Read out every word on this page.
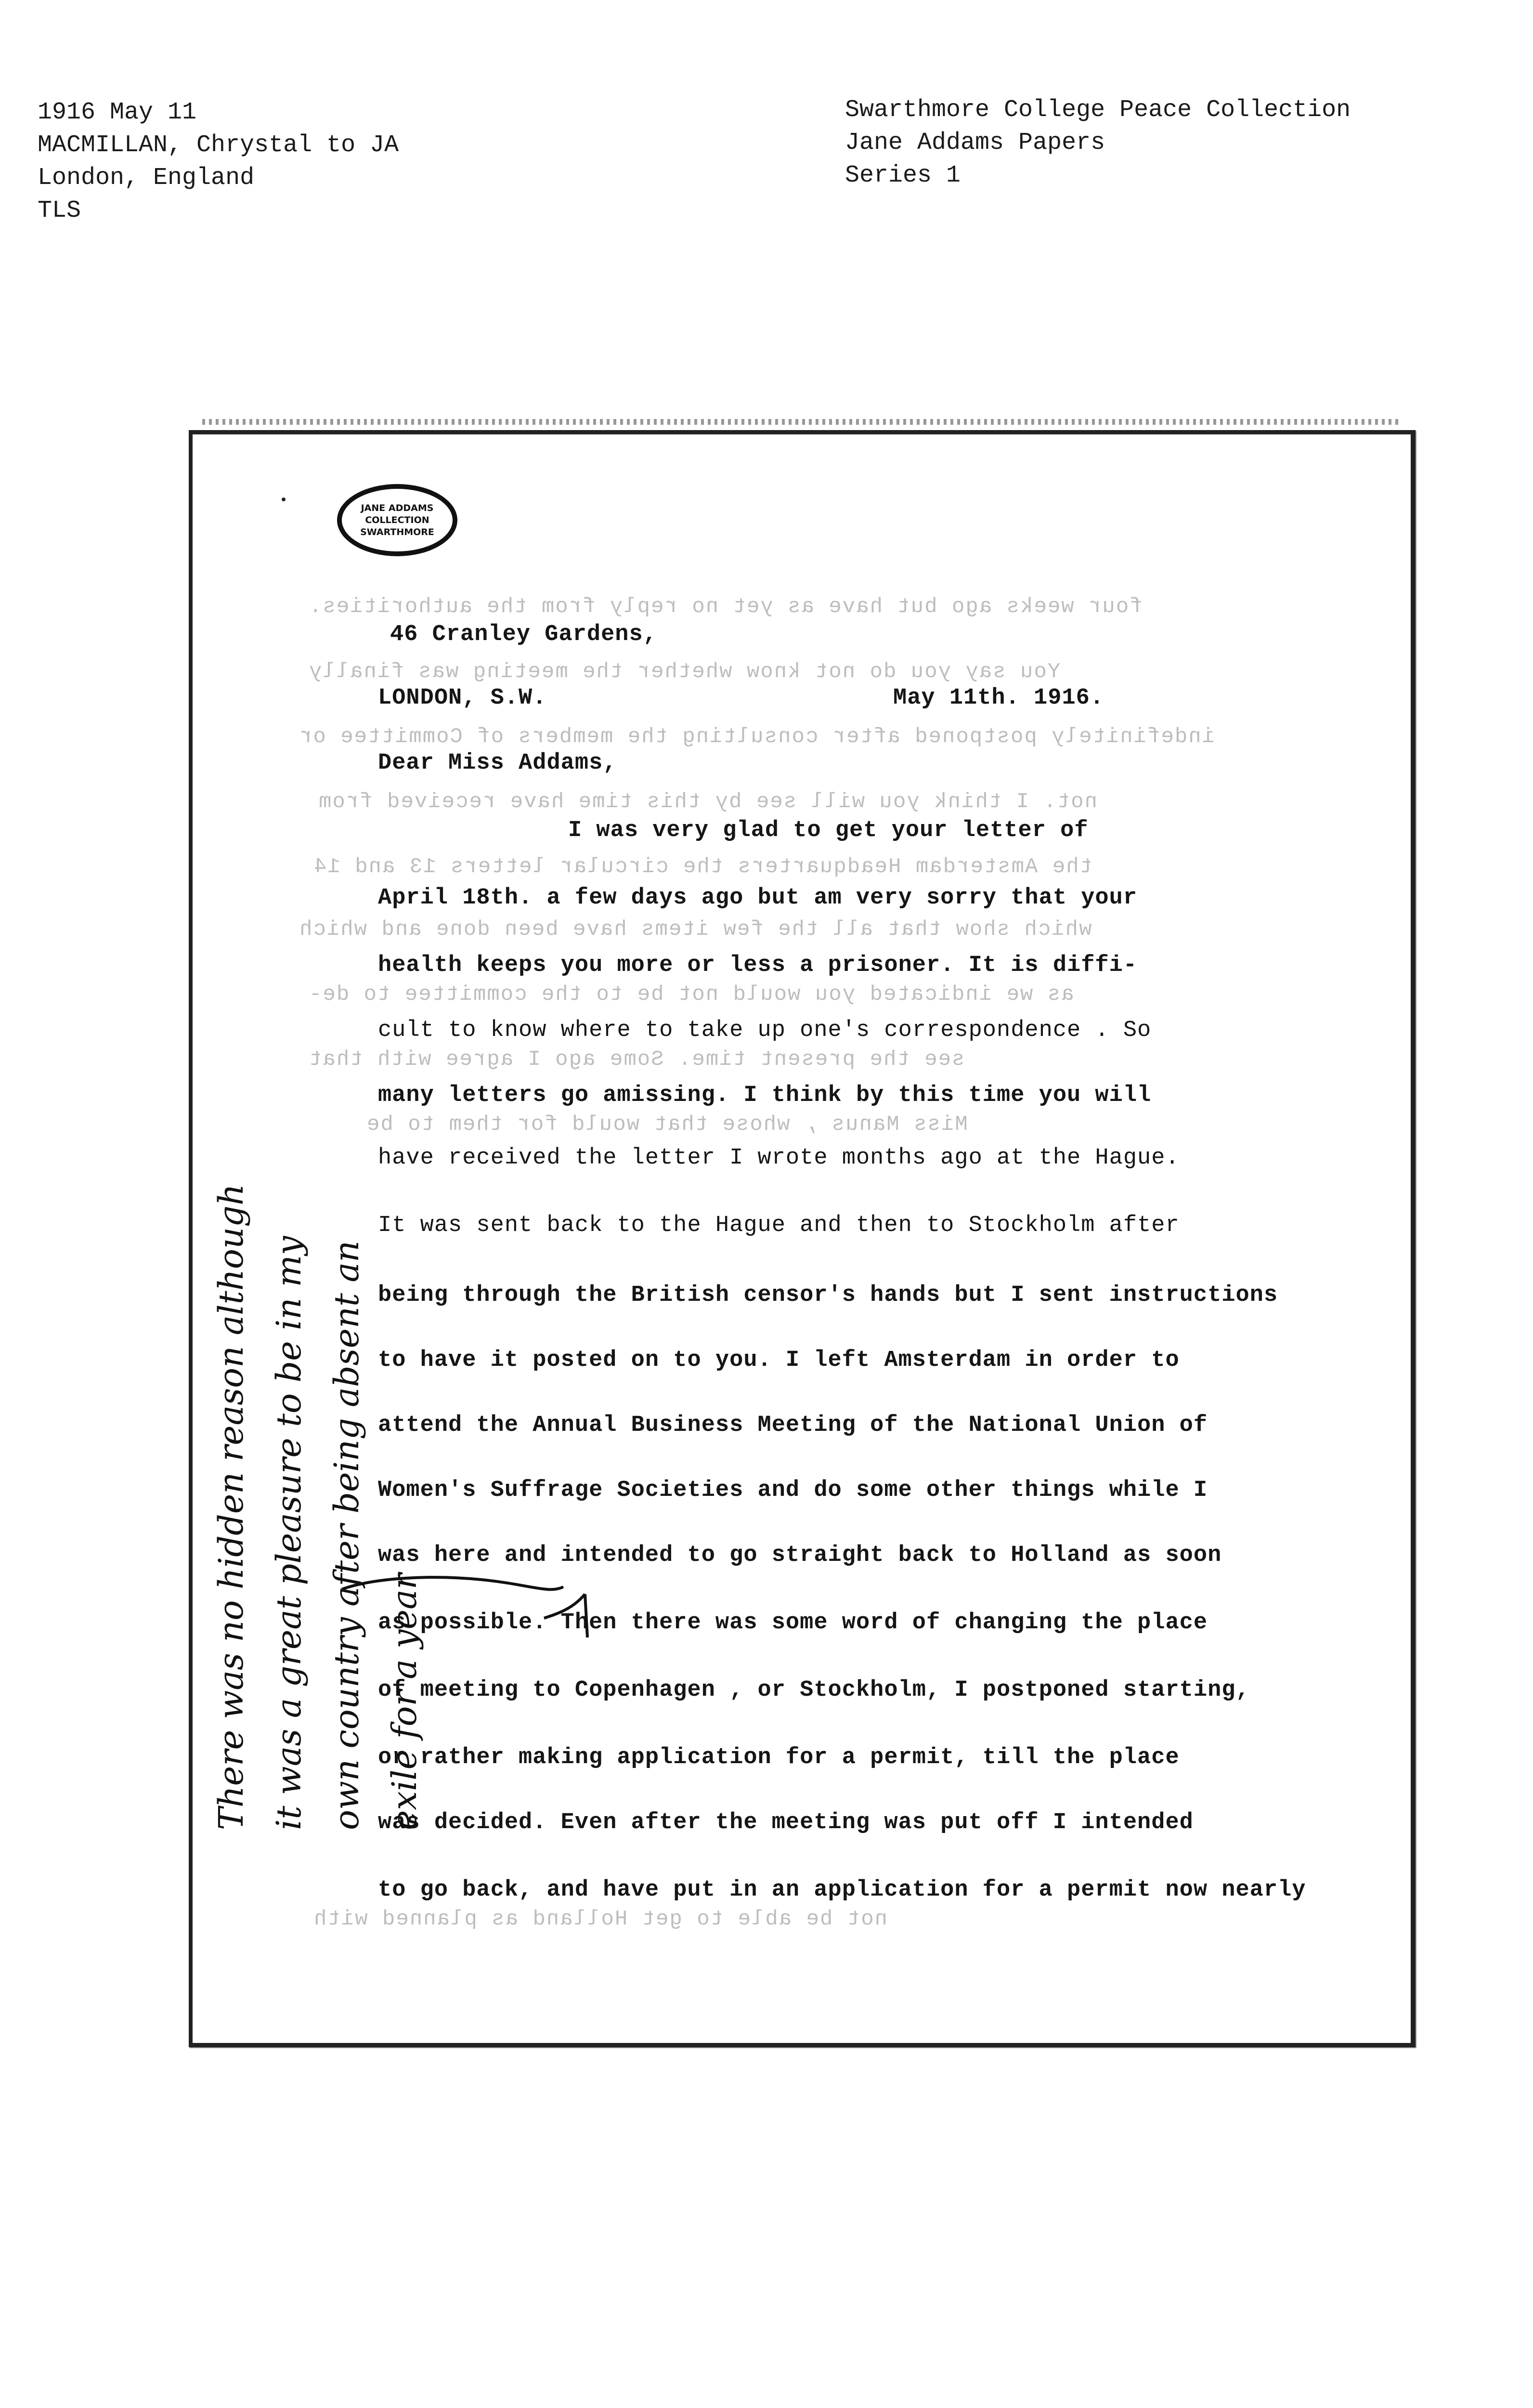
1916 May 11
MACMILLAN, Chrystal to JA
London, England
TLS
Swarthmore College Peace Collection
Jane Addams Papers
Series 1
JANE ADDAMS
COLLECTION
SWARTHMORE
four weeks ago but have as yet no reply from the authorities.
You say you do not know whether the meeting was finally
indefinitely postponed after consulting the members of Committee or
not. I think you will see by this time have received from
the Amsterdam Headquarters the circular letters 13 and 14
which show that all the few items have been done and which
as we indicated you would not be to the committee to de-
see the present time. Some ago I agree with that
Miss Manus , whose that would for them to be
not be able to get Holland as planned with
46 Cranley Gardens,
LONDON, S.W.	May 11th. 1916.
Dear Miss Addams,
I was very glad to get your letter of
April 18th. a few days ago but am very sorry that your
health keeps you more or less a prisoner. It is diffi-
cult to know where to take up one's correspondence . So
many letters go amissing. I think by this time you will
have received the letter I wrote months ago at the Hague.
It was sent back to the Hague and then to Stockholm after
being through the British censor's hands but I sent instructions
to have it posted on to you. I left Amsterdam in order to
attend the Annual Business Meeting of the National Union of
Women's Suffrage Societies and do some other things while I
was here and intended to go straight back to Holland as soon
as possible. Then there was some word of changing the place
of meeting to Copenhagen , or Stockholm, I postponed starting,
or rather making application for a permit, till the place
was decided. Even after the meeting was put off I intended
to go back, and have put in an application for a permit now nearly
There was no hidden reason although it was a great pleasure to be in my own country after being absent an exile for a year
